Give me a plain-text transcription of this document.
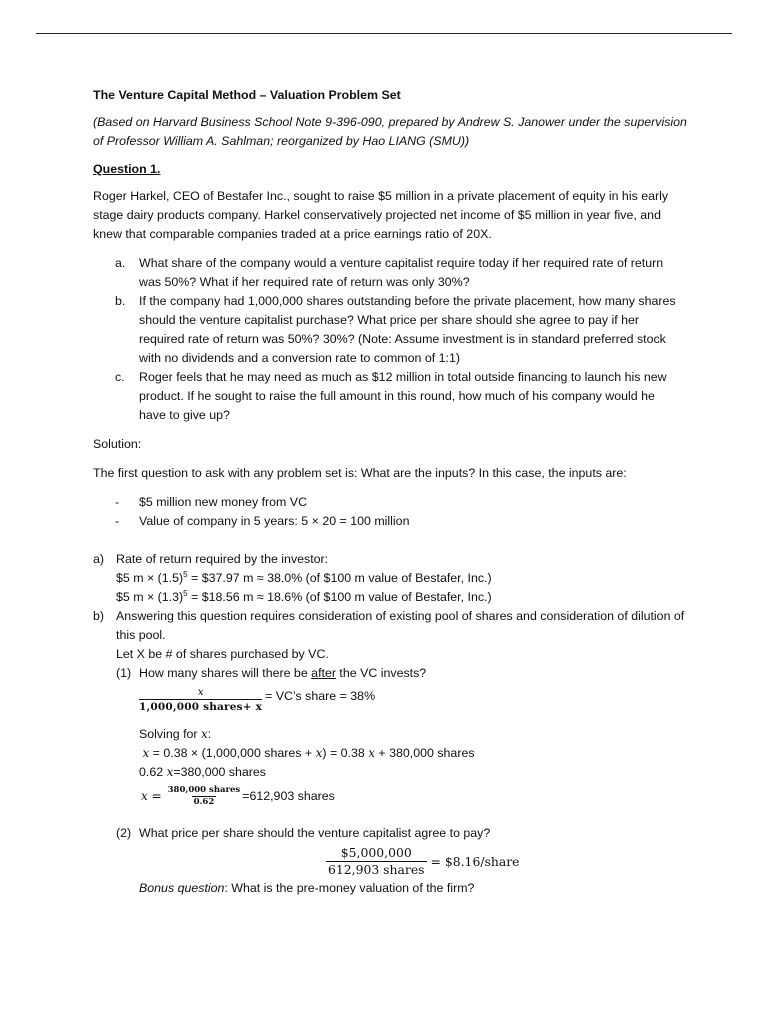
The Venture Capital Method – Valuation Problem Set

(Based on Harvard Business School Note 9-396-090, prepared by Andrew S. Janower under the supervision of Professor William A. Sahlman; reorganized by Hao LIANG (SMU))

Question 1.

Roger Harkel, CEO of Bestafer Inc., sought to raise $5 million in a private placement of equity in his early stage dairy products company. Harkel conservatively projected net income of $5 million in year five, and knew that comparable companies traded at a price earnings ratio of 20X.

a.	What share of the company would a venture capitalist require today if her required rate of return was 50%? What if her required rate of return was only 30%?
b.	If the company had 1,000,000 shares outstanding before the private placement, how many shares should the venture capitalist purchase? What price per share should she agree to pay if her required rate of return was 50%? 30%? (Note: Assume investment is in standard preferred stock with no dividends and a conversion rate to common of 1:1)
c.	Roger feels that he may need as much as $12 million in total outside financing to launch his new product. If he sought to raise the full amount in this round, how much of his company would he have to give up?

Solution:

The first question to ask with any problem set is: What are the inputs? In this case, the inputs are:

-	$5 million new money from VC
-	Value of company in 5 years: 5 × 20 = 100 million
a) Rate of return required by the investor:

$5 $m \times (1.5)^5$ = $37.97 m ≈ 38.0% (of $100 m value of Bestafer, Inc.)

$5 $m \times (1.3)^5$ = $18.56 m ≈ 18.6% (of $100 m value of Bestafer, Inc.)

b) Answering this question requires consideration of existing pool of shares and consideration of dilution of this pool.

Let X be # of shares purchased by VC.

(1) How many shares will there be after the VC invests?
$\frac{x}{\text{1,000,000 shares+ x}}$ = VC’s share = 38%

Solving for x:

x = 0.38 × (1,000,000 shares + x) = 0.38 x + 380,000 shares

0.62 x=380,000 shares

$x = \frac{\text{380,000 shares}}{0.62} =612,903$ shares
(2) What price per share should the venture capitalist agree to pay?
$\frac{\$5,000,000}{\text{612,903 shares}}$ = $8.16/share

Bonus question: What is the pre-money valuation of the firm?
